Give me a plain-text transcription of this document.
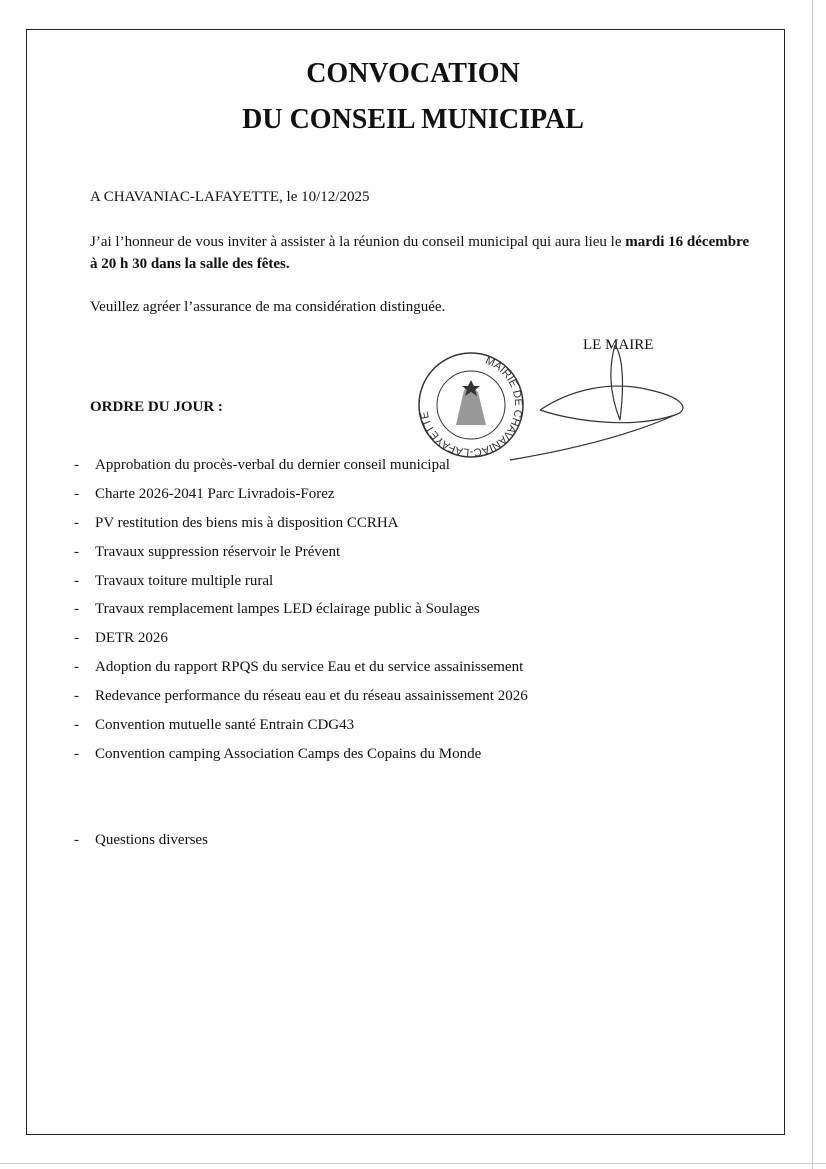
CONVOCATION
DU CONSEIL MUNICIPAL
A CHAVANIAC-LAFAYETTE, le 10/12/2025
J’ai l’honneur de vous inviter à assister à la réunion du conseil municipal qui aura lieu le mardi 16 décembre à 20 h 30 dans la salle des fêtes.
Veuillez agréer l’assurance de ma considération distinguée.
LE MAIRE
MAIRIE DE CHAVANIAC-LAFAYETTE
ORDRE DU JOUR :
-	Approbation du procès-verbal du dernier conseil municipal
-	Charte 2026-2041 Parc Livradois-Forez
-	PV restitution des biens mis à disposition CCRHA
-	Travaux suppression réservoir le Prévent
-	Travaux toiture multiple rural
-	Travaux remplacement lampes LED éclairage public à Soulages
-	DETR 2026
-	Adoption du rapport RPQS du service Eau et du service assainissement
-	Redevance performance du réseau eau et du réseau assainissement 2026
-	Convention mutuelle santé Entrain CDG43
-	Convention camping Association Camps des Copains du Monde
-	Questions diverses
